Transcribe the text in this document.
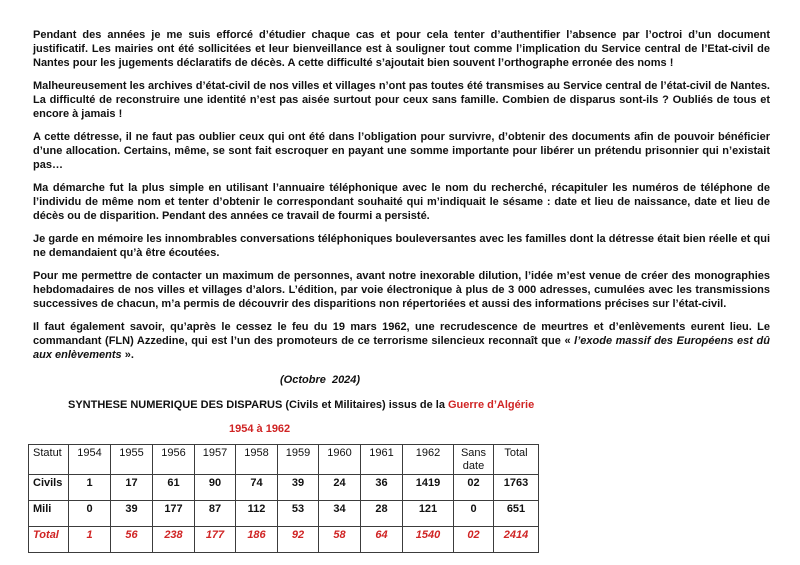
Pendant des années je me suis efforcé d’étudier chaque cas et pour cela tenter d’authentifier l’absence par l’octroi d’un document justificatif. Les mairies ont été sollicitées et leur bienveillance est à souligner tout comme l’implication du Service central de l’Etat-civil de Nantes pour les jugements déclaratifs de décès. A cette difficulté s’ajoutait bien souvent l’orthographe erronée des noms !

Malheureusement les archives d’état-civil de nos villes et villages n’ont pas toutes été transmises au Service central de l’état-civil de Nantes. La difficulté de reconstruire une identité n’est pas aisée surtout pour ceux sans famille. Combien de disparus sont-ils ? Oubliés de tous et encore à jamais !

A cette détresse, il ne faut pas oublier ceux qui ont été dans l’obligation pour survivre, d’obtenir des documents afin de pouvoir bénéficier d’une allocation. Certains, même, se sont fait escroquer en payant une somme importante pour libérer un prétendu prisonnier qui n’existait pas…

Ma démarche fut la plus simple en utilisant l’annuaire téléphonique avec le nom du recherché, récapituler les numéros de téléphone de l’individu de même nom et tenter d’obtenir le correspondant souhaité qui m’indiquait le sésame : date et lieu de naissance, date et lieu de décès ou de disparition. Pendant des années ce travail de fourmi a persisté.

Je garde en mémoire les innombrables conversations téléphoniques bouleversantes avec les familles dont la détresse était bien réelle et qui ne demandaient qu’à être écoutées.

Pour me permettre de contacter un maximum de personnes, avant notre inexorable dilution, l’idée m’est venue de créer des monographies hebdomadaires de nos villes et villages d’alors. L’édition, par voie électronique à plus de 3 000 adresses, cumulées avec les transmissions successives de chacun, m’a permis de découvrir des disparitions non répertoriées et aussi des informations précises sur l’état-civil.

Il faut également savoir, qu’après le cessez le feu du 19 mars 1962, une recrudescence de meurtres et d’enlèvements eurent lieu. Le commandant (FLN) Azzedine, qui est l’un des promoteurs de ce terrorisme silencieux reconnaît que « l’exode massif des Européens est dû aux enlèvements ».

(Octobre  2024)
SYNTHESE NUMERIQUE DES DISPARUS (Civils et Militaires) issus de la Guerre d’Algérie
1954 à 1962
Statut	1954	1955	1956	1957	1958	1959	1960	1961	1962	Sans date	Total
Civils	1	17	61	90	74	39	24	36	1419	02	1763
Mili	0	39	177	87	112	53	34	28	121	0	651
Total	1	56	238	177	186	92	58	64	1540	02	2414
